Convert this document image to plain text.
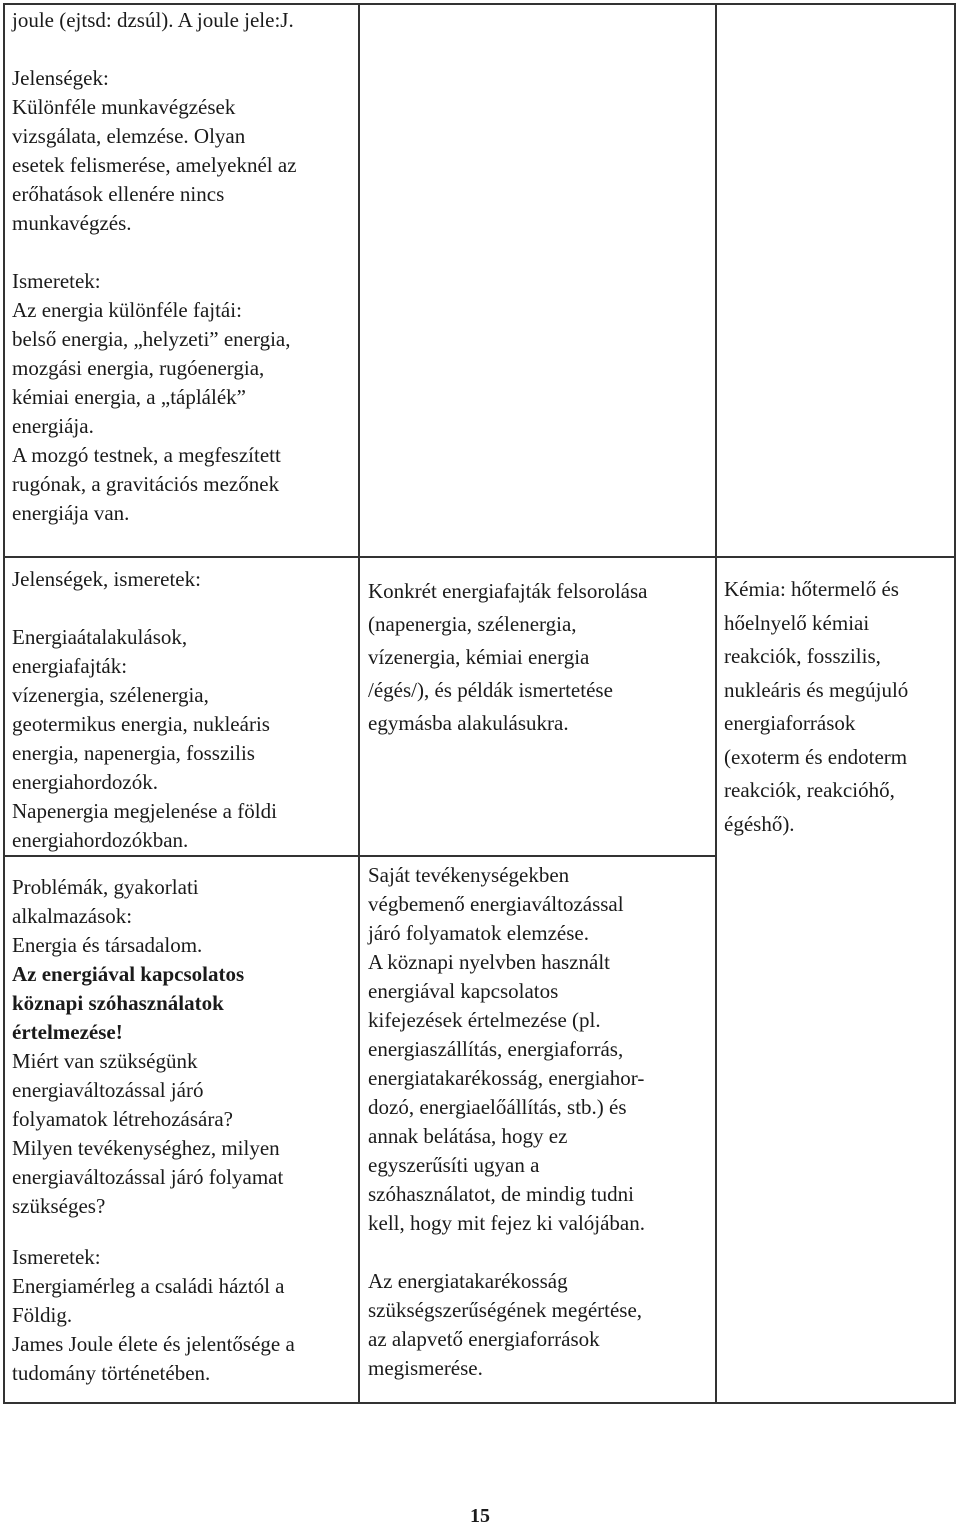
joule (ejtsd: dzsúl). A joule jele:J.
Jelenségek:
Különféle munkavégzések
vizsgálata, elemzése. Olyan
esetek felismerése, amelyeknél az
erőhatások ellenére nincs
munkavégzés.
Ismeretek:
Az energia különféle fajtái:
belső energia, „helyzeti” energia,
mozgási energia, rugóenergia,
kémiai energia, a „táplálék”
energiája.
A mozgó testnek, a megfeszített
rugónak, a gravitációs mezőnek
energiája van.
Jelenségek, ismeretek:
Energiaátalakulások,
energiafajták:
vízenergia, szélenergia,
geotermikus energia, nukleáris
energia, napenergia, fosszilis
energiahordozók.
Napenergia megjelenése a földi
energiahordozókban.
Konkrét energiafajták felsorolása
(napenergia, szélenergia,
vízenergia, kémiai energia
/égés/), és példák ismertetése
egymásba alakulásukra.
Kémia: hőtermelő és
hőelnyelő kémiai
reakciók, fosszilis,
nukleáris és megújuló
energiaforrások
(exoterm és endoterm
reakciók, reakcióhő,
égéshő).
Problémák, gyakorlati
alkalmazások:
Energia és társadalom.
Az energiával kapcsolatos
köznapi szóhasználatok
értelmezése!
Miért van szükségünk
energiaváltozással járó
folyamatok létrehozására?
Milyen tevékenységhez, milyen
energiaváltozással járó folyamat
szükséges?
Ismeretek:
Energiamérleg a családi háztól a
Földig.
James Joule élete és jelentősége a
tudomány történetében.
Saját tevékenységekben
végbemenő energiaváltozással
járó folyamatok elemzése.
A köznapi nyelvben használt
energiával kapcsolatos
kifejezések értelmezése (pl.
energiaszállítás, energiaforrás,
energiatakarékosság, energiahor-
dozó, energiaelőállítás, stb.) és
annak belátása, hogy ez
egyszerűsíti ugyan a
szóhasználatot, de mindig tudni
kell, hogy mit fejez ki valójában.
Az energiatakarékosság
szükségszerűségének megértése,
az alapvető energiaforrások
megismerése.
15
